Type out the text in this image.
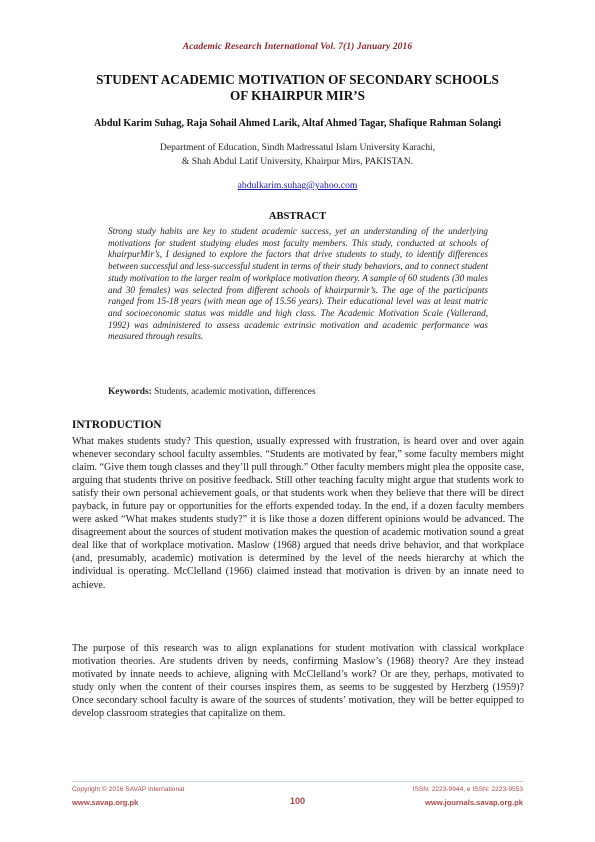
Academic Research International Vol. 7(1) January 2016
STUDENT ACADEMIC MOTIVATION OF SECONDARY SCHOOLS
OF KHAIRPUR MIR’S
Abdul Karim Suhag, Raja Sohail Ahmed Larik, Altaf Ahmed Tagar, Shafique Rahman Solangi
Department of Education, Sindh Madressatul Islam University Karachi,
& Shah Abdul Latif University, Khairpur Mirs, PAKISTAN.
abdulkarim.suhag@yahoo.com
ABSTRACT
Strong study habits are key to student academic success, yet an understanding of the underlying motivations for student studying eludes most faculty members. This study, conducted at schools of khairpurMir’s, I designed to explore the factors that drive students to study, to identify differences between successful and less-successful student in terms of their study behaviors, and to connect student study motivation to the larger realm of workplace motivation theory. A sample of 60 students (30 males and 30 females) was selected from different schools of khairpurmir’s. The age of the participants ranged from 15-18 years (with mean age of 15.56 years). Their educational level was at least matric and socioeconomic status was middle and high class. The Academic Motivation Scale (Vallerand, 1992) was administered to assess academic extrinsic motivation and academic performance was measured through results.
Keywords: Students, academic motivation, differences
INTRODUCTION

What makes students study? This question, usually expressed with frustration, is heard over and over again whenever secondary school faculty assembles. “Students are motivated by fear,” some faculty members might claim. “Give them tough classes and they’ll pull through.” Other faculty members might plea the opposite case, arguing that students thrive on positive feedback. Still other teaching faculty might argue that students work to satisfy their own personal achievement goals, or that students work when they believe that there will be direct payback, in future pay or opportunities for the efforts expended today. In the end, if a dozen faculty members were asked “What makes students study?” it is like those a dozen different opinions would be advanced. The disagreement about the sources of student motivation makes the question of academic motivation sound a great deal like that of workplace motivation. Maslow (1968) argued that needs drive behavior, and that workplace (and, presumably, academic) motivation is determined by the level of the needs hierarchy at which the individual is operating. McClelland (1966) claimed instead that motivation is driven by an innate need to achieve.

The purpose of this research was to align explanations for student motivation with classical workplace motivation theories. Are students driven by needs, confirming Maslow’s (1968) theory? Are they instead motivated by innate needs to achieve, aligning with McClelland’s work? Or are they, perhaps, motivated to study only when the content of their courses inspires them, as seems to be suggested by Herzberg (1959)? Once secondary school faculty is aware of the sources of students’ motivation, they will be better equipped to develop classroom strategies that capitalize on them.

Copyright © 2016 SAVAP International
www.savap.org.pk	100
ISSN: 2223-9944, e ISSN: 2223-9553
www.journals.savap.org.pk
